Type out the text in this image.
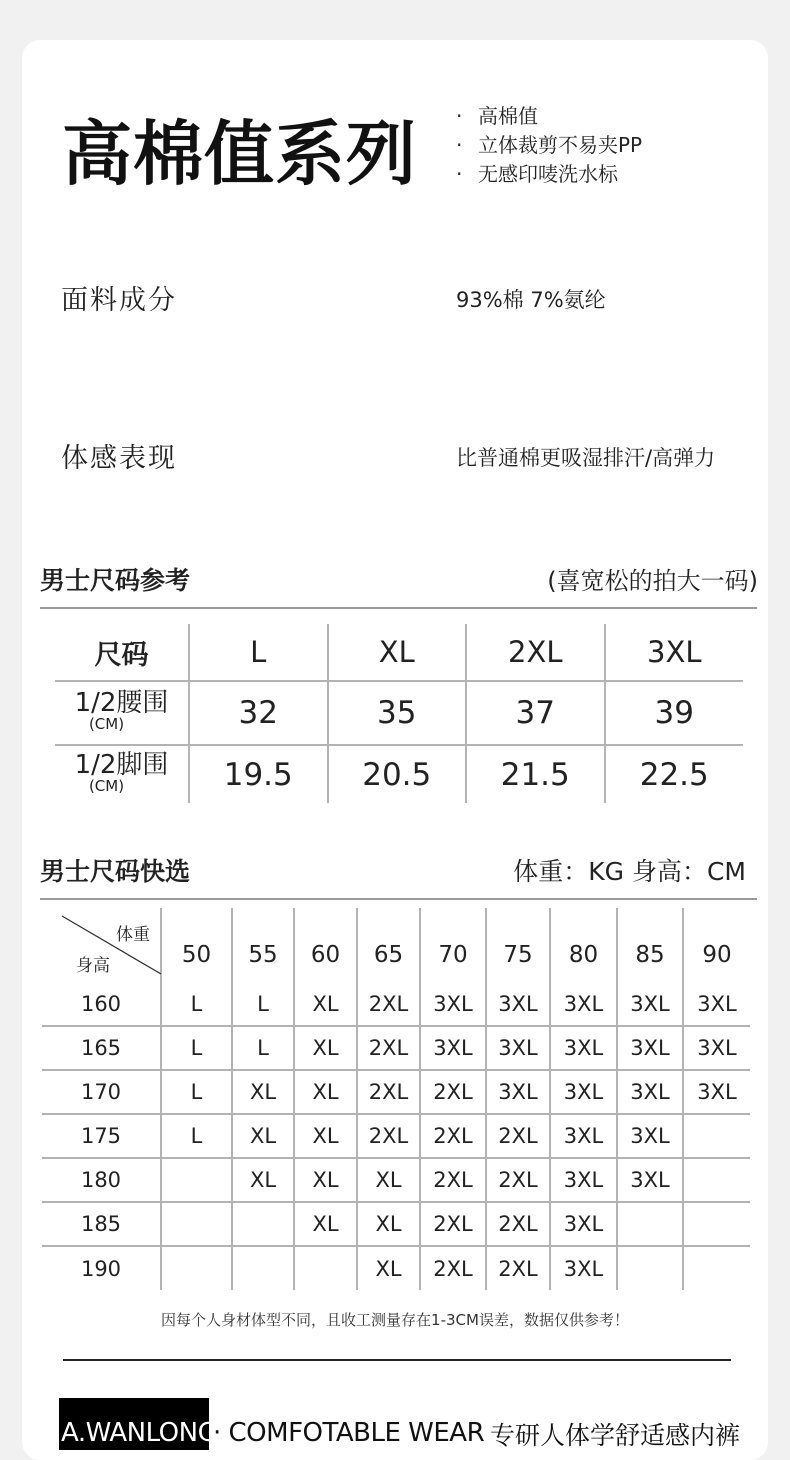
高棉值系列 · 高棉值
· 立体裁剪不易夹PP
· 无感印唛洗水标
面料成分	93%棉 7%氨纶
体感表现	比普通棉更吸湿排汗/高弹力
男士尺码参考	(喜宽松的拍大一码)
尺码	L	XL	2XL	3XL

1/2腰围
(CM)	32	35	37	39

1/2脚围
(CM)	19.5	20.5	21.5	22.5
男士尺码快选	体重：KG 身高：CM
体重
身高	50	55	60	65	70	75	80	85	90
160	L	L	XL	2XL	3XL	3XL	3XL	3XL	3XL
165	L	L	XL	2XL	3XL	3XL	3XL	3XL	3XL
170	L	XL	XL	2XL	2XL	3XL	3XL	3XL	3XL
175	L	XL	XL	2XL	2XL	2XL	3XL	3XL	
180		XL	XL	XL	2XL	2XL	3XL	3XL	
185			XL	XL	2XL	2XL	3XL		
190				XL	2XL	2XL	3XL		
因每个人身材体型不同，且收工测量存在1-3CM误差，数据仅供参考！
A.WANLONG
· COMFOTABLE WEAR 专研人体学舒适感内裤
